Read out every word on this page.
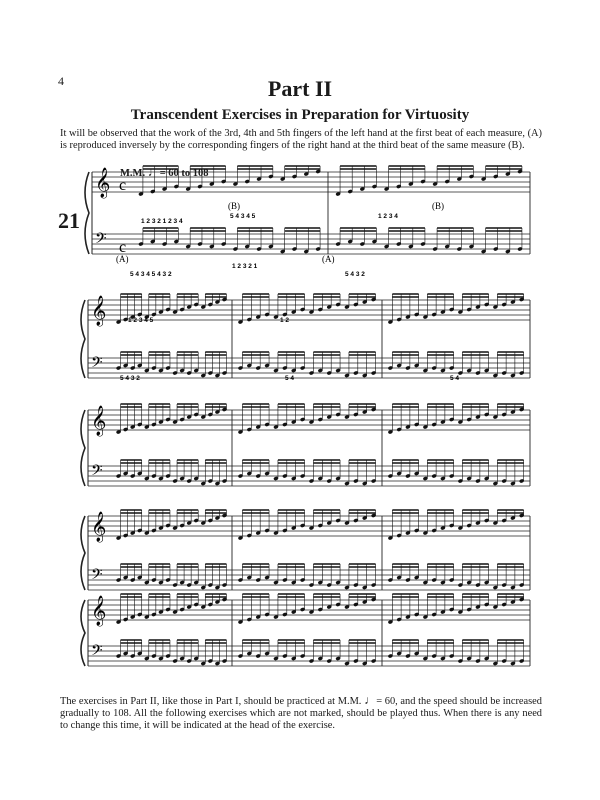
4	Part II
Transcendent Exercises in Preparation for Virtuosity
It will be observed that the work of the 3rd, 4th and 5th fingers of the left hand at the first beat of each measure, (A) is reproduced inversely by the corresponding fingers of the right hand at the third beat of the same measure (B).
M.M. ♩= 60 to 108
21
𝄞
𝄢
𝄞
𝄢
𝄞
𝄢
𝄞
𝄢
𝄞
𝄢
(A)	(A)
(B)	(B)
1 2 3 2 1 2 3 4
5 4 3 4 5	1 2 3 4
5 4 3 4 5 4 3 2
1 2 3 2 1
5 4 3 2
1 2 3 4 5	1 2
5 4 3 2	5 4	5 4
c
c
The exercises in Part II, like those in Part I, should be practiced at M.M. ♩= 60, and the speed should be increased gradually to 108. All the following exercises which are not marked, should be played thus. When there is any need to change this time, it will be indicated at the head of the exercise.
